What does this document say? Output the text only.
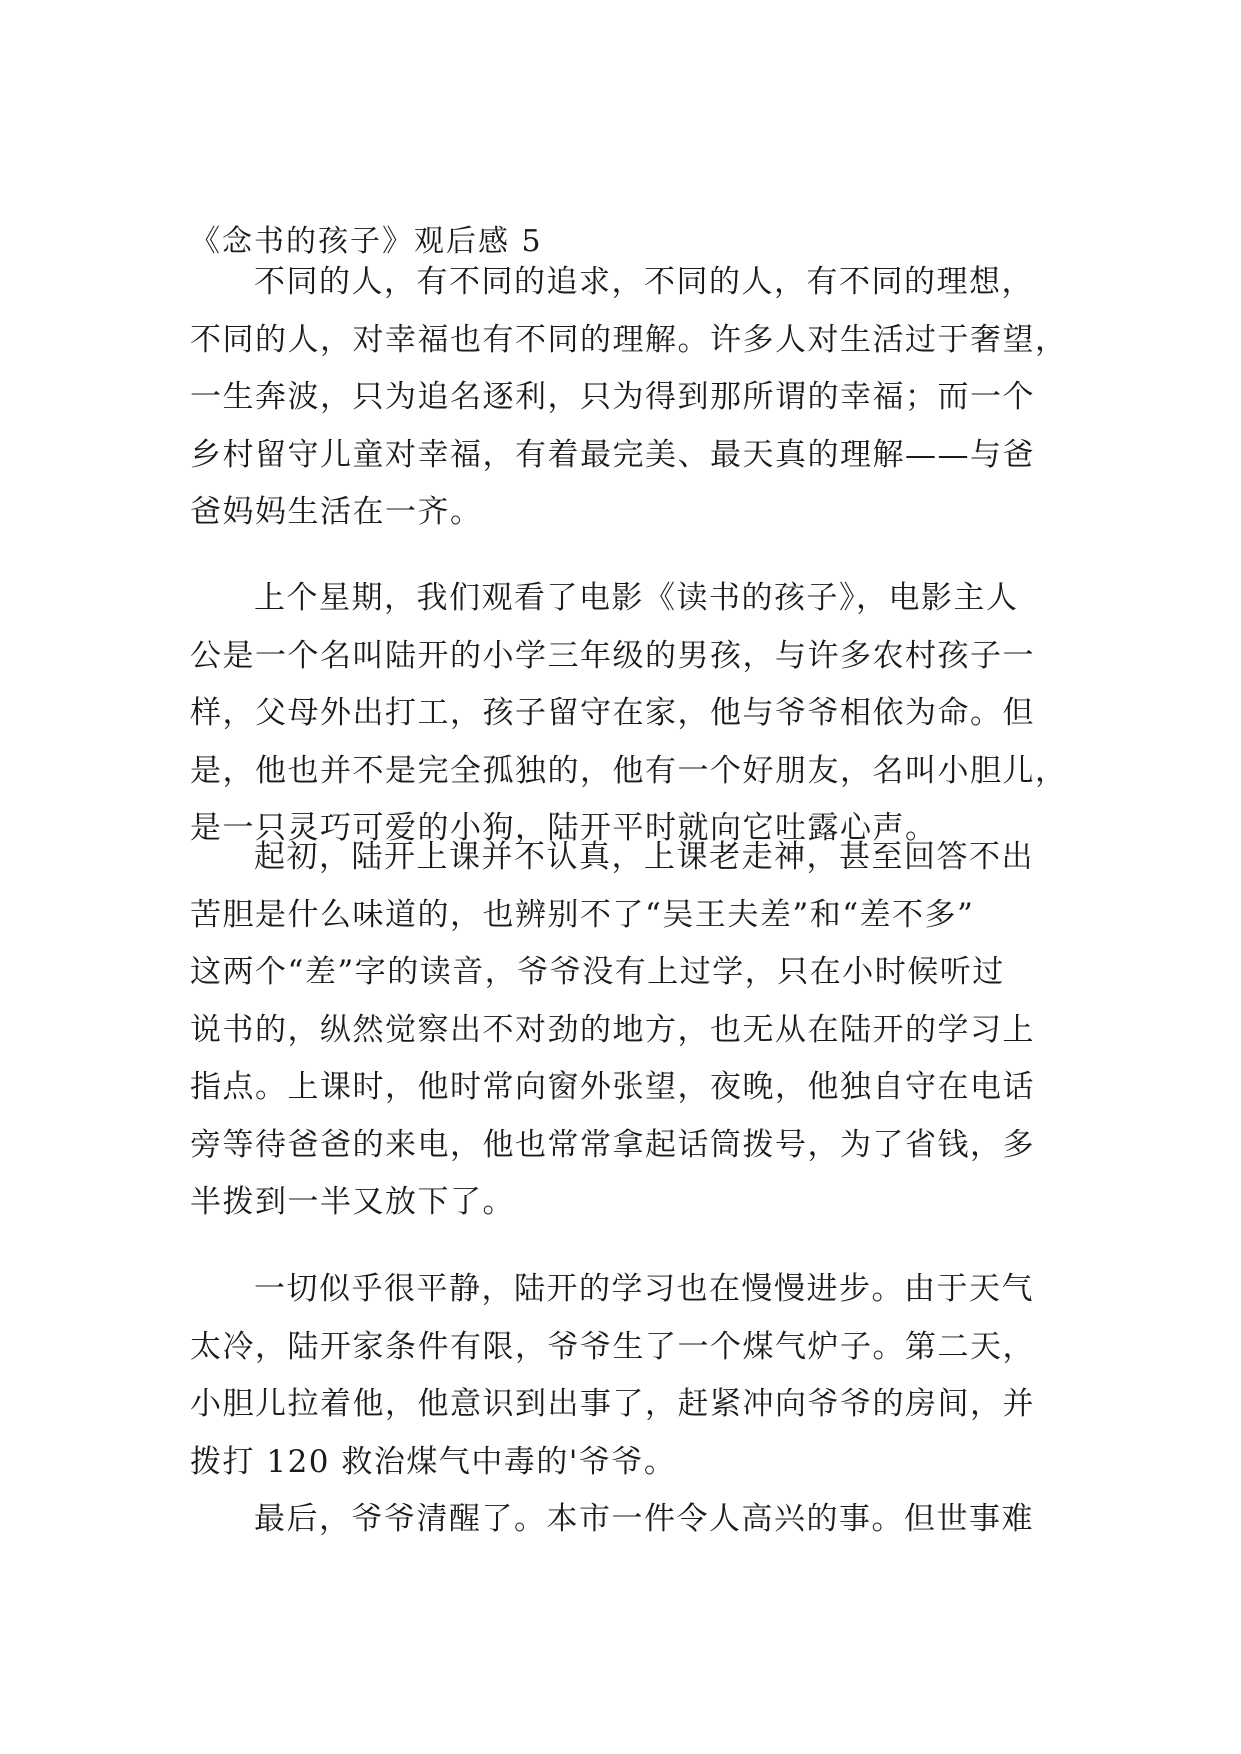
《念书的孩子》观后感 5
不同的人，有不同的追求，不同的人，有不同的理想，
不同的人，对幸福也有不同的理解。许多人对生活过于奢望，
一生奔波，只为追名逐利，只为得到那所谓的幸福；而一个
乡村留守儿童对幸福，有着最完美、最天真的理解——与爸
爸妈妈生活在一齐。
上个星期，我们观看了电影《读书的孩子》，电影主人
公是一个名叫陆开的小学三年级的男孩，与许多农村孩子一
样，父母外出打工，孩子留守在家，他与爷爷相依为命。但
是，他也并不是完全孤独的，他有一个好朋友，名叫小胆儿，
是一只灵巧可爱的小狗，陆开平时就向它吐露心声。
起初，陆开上课并不认真，上课老走神，甚至回答不出
苦胆是什么味道的，也辨别不了“吴王夫差”和“差不多”
这两个“差”字的读音，爷爷没有上过学，只在小时候听过
说书的，纵然觉察出不对劲的地方，也无从在陆开的学习上
指点。上课时，他时常向窗外张望，夜晚，他独自守在电话
旁等待爸爸的来电，他也常常拿起话筒拨号，为了省钱，多
半拨到一半又放下了。
一切似乎很平静，陆开的学习也在慢慢进步。由于天气
太冷，陆开家条件有限，爷爷生了一个煤气炉子。第二天，
小胆儿拉着他，他意识到出事了，赶紧冲向爷爷的房间，并
拨打 120 救治煤气中毒的'爷爷。
最后，爷爷清醒了。本市一件令人高兴的事。但世事难
